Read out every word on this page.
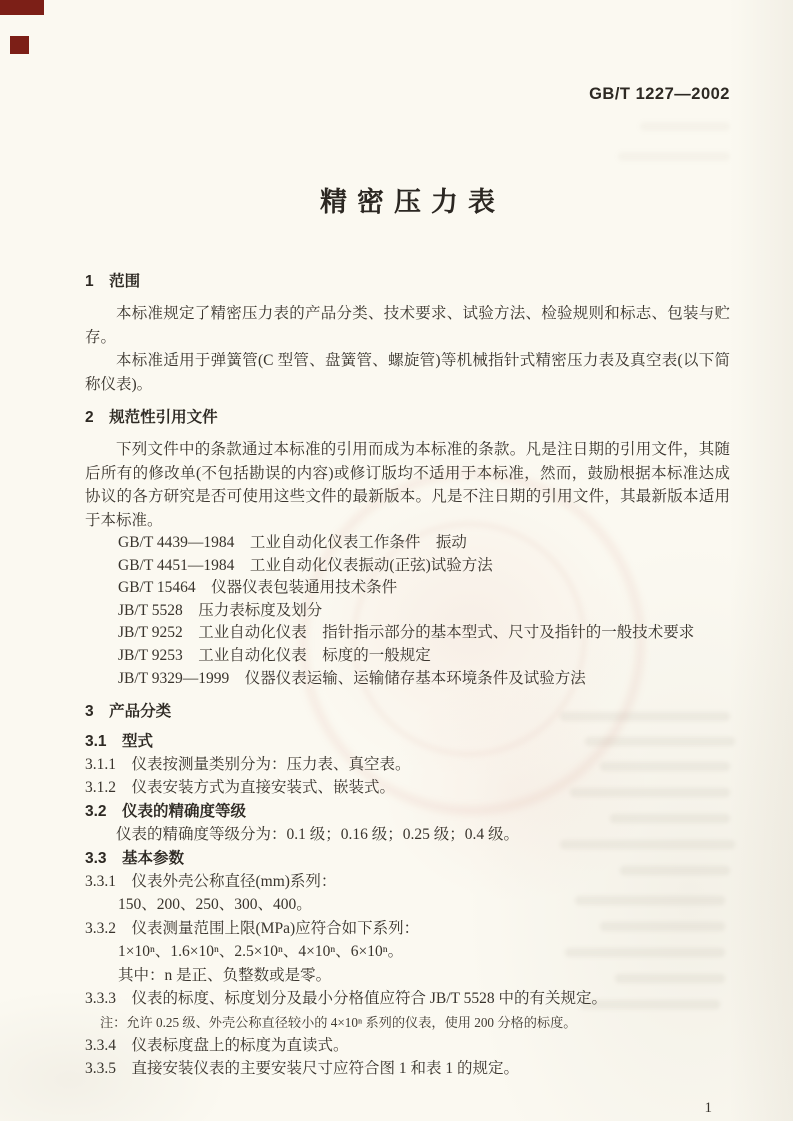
GB/T 1227—2002
精密压力表
1　范围

本标准规定了精密压力表的产品分类、技术要求、试验方法、检验规则和标志、包装与贮存。

本标准适用于弹簧管(C 型管、盘簧管、螺旋管)等机械指针式精密压力表及真空表(以下简称仪表)。

2　规范性引用文件

下列文件中的条款通过本标准的引用而成为本标准的条款。凡是注日期的引用文件，其随后所有的修改单(不包括勘误的内容)或修订版均不适用于本标准，然而，鼓励根据本标准达成协议的各方研究是否可使用这些文件的最新版本。凡是不注日期的引用文件，其最新版本适用于本标准。

GB/T 4439—1984　工业自动化仪表工作条件　振动
GB/T 4451—1984　工业自动化仪表振动(正弦)试验方法
GB/T 15464　仪器仪表包装通用技术条件
JB/T 5528　压力表标度及划分
JB/T 9252　工业自动化仪表　指针指示部分的基本型式、尺寸及指针的一般技术要求
JB/T 9253　工业自动化仪表　标度的一般规定
JB/T 9329—1999　仪器仪表运输、运输储存基本环境条件及试验方法
3　产品分类
3.1　型式
3.1.1　仪表按测量类别分为：压力表、真空表。
3.1.2　仪表安装方式为直接安装式、嵌装式。
3.2　仪表的精确度等级

仪表的精确度等级分为：0.1 级；0.16 级；0.25 级；0.4 级。

3.3　基本参数
3.3.1　仪表外壳公称直径(mm)系列：
150、200、250、300、400。
3.3.2　仪表测量范围上限(MPa)应符合如下系列：
1×10ⁿ、1.6×10ⁿ、2.5×10ⁿ、4×10ⁿ、6×10ⁿ。
其中：n 是正、负整数或是零。
3.3.3　仪表的标度、标度划分及最小分格值应符合 JB/T 5528 中的有关规定。
注：允许 0.25 级、外壳公称直径较小的 4×10ⁿ 系列的仪表，使用 200 分格的标度。
3.3.4　仪表标度盘上的标度为直读式。
3.3.5　直接安装仪表的主要安装尺寸应符合图 1 和表 1 的规定。
1
